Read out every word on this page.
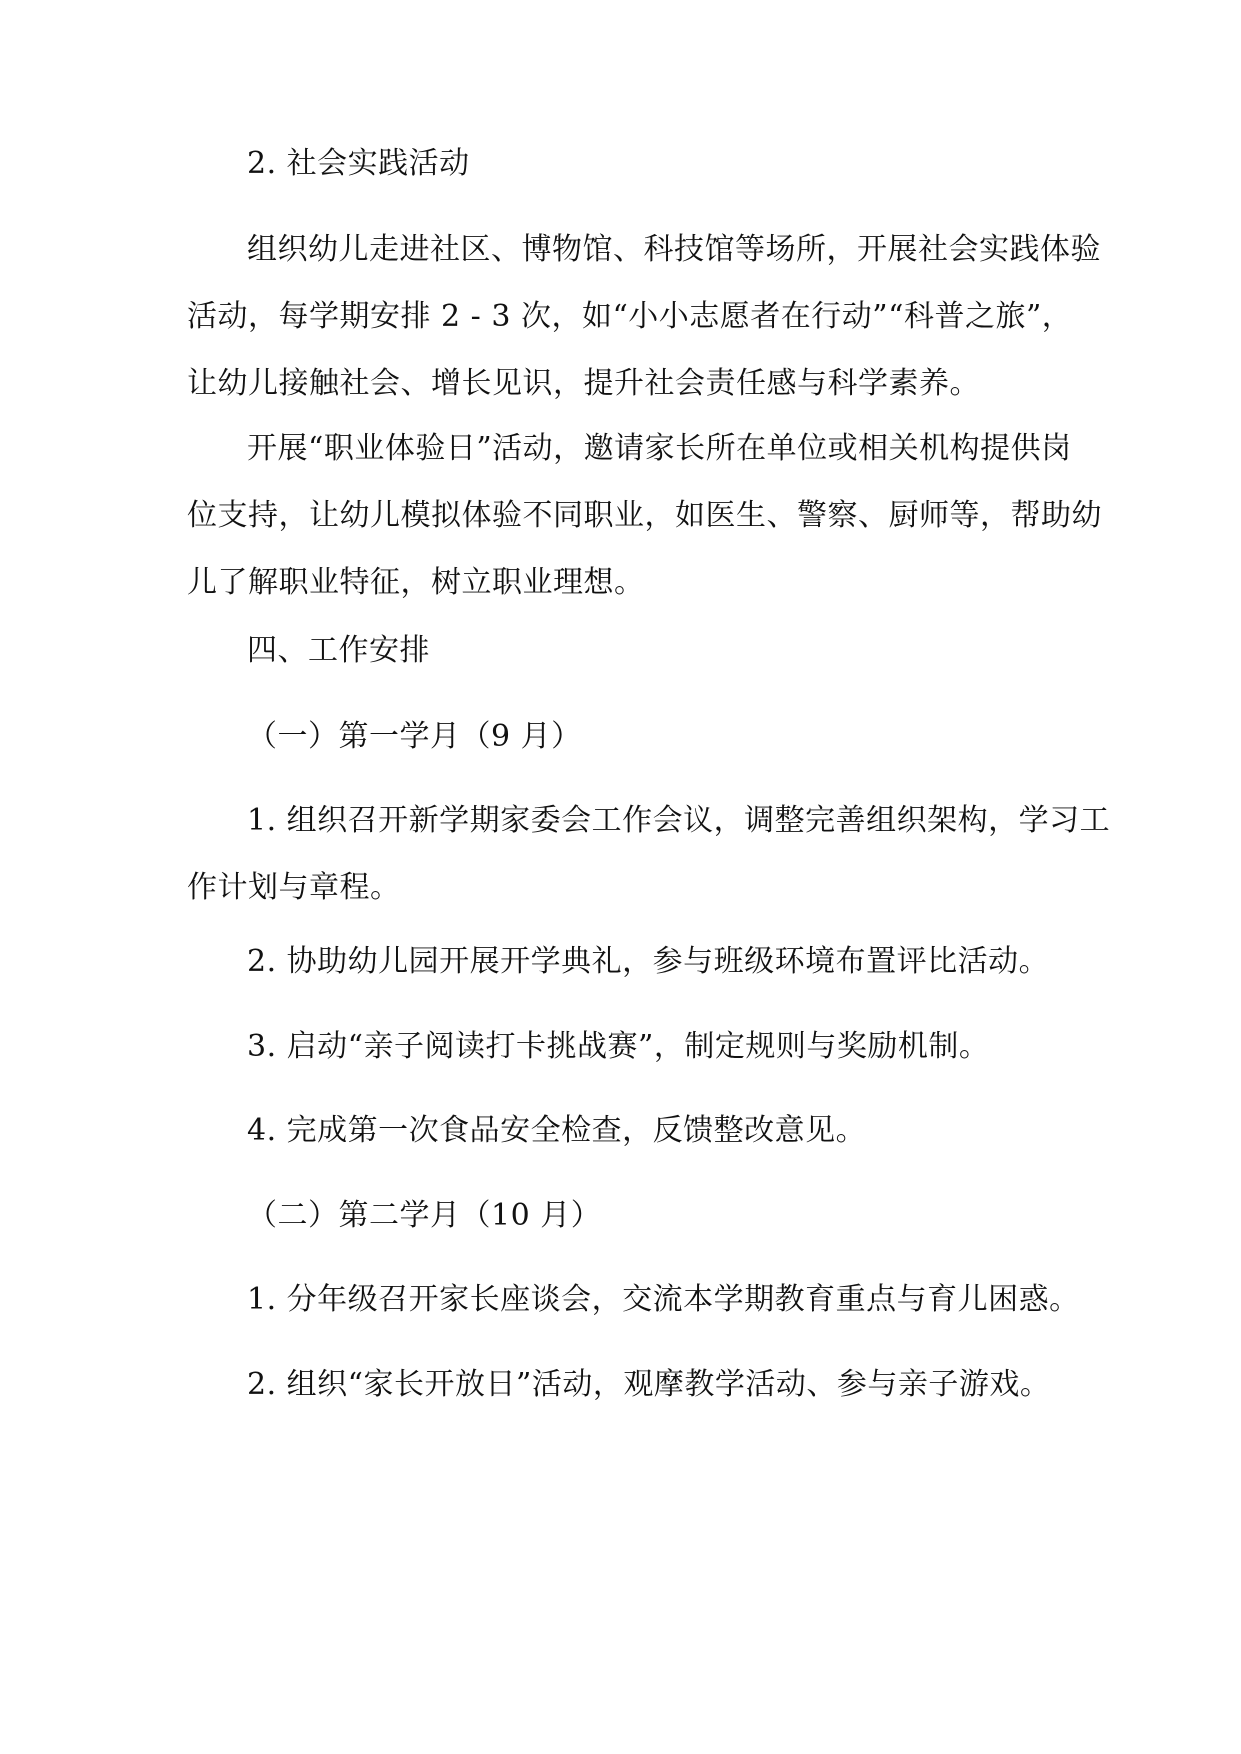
2. 社会实践活动

组织幼儿走进社区、博物馆、科技馆等场所，开展社会实践体验
活动，每学期安排 2 - 3 次，如“小小志愿者在行动”“科普之旅”，
让幼儿接触社会、增长见识，提升社会责任感与科学素养。

开展“职业体验日”活动，邀请家长所在单位或相关机构提供岗
位支持，让幼儿模拟体验不同职业，如医生、警察、厨师等，帮助幼
儿了解职业特征，树立职业理想。

四、工作安排

（一）第一学月（9 月）

1. 组织召开新学期家委会工作会议，调整完善组织架构，学习工
作计划与章程。

2. 协助幼儿园开展开学典礼，参与班级环境布置评比活动。

3. 启动“亲子阅读打卡挑战赛”，制定规则与奖励机制。

4. 完成第一次食品安全检查，反馈整改意见。

（二）第二学月（10 月）

1. 分年级召开家长座谈会，交流本学期教育重点与育儿困惑。

2. 组织“家长开放日”活动，观摩教学活动、参与亲子游戏。
